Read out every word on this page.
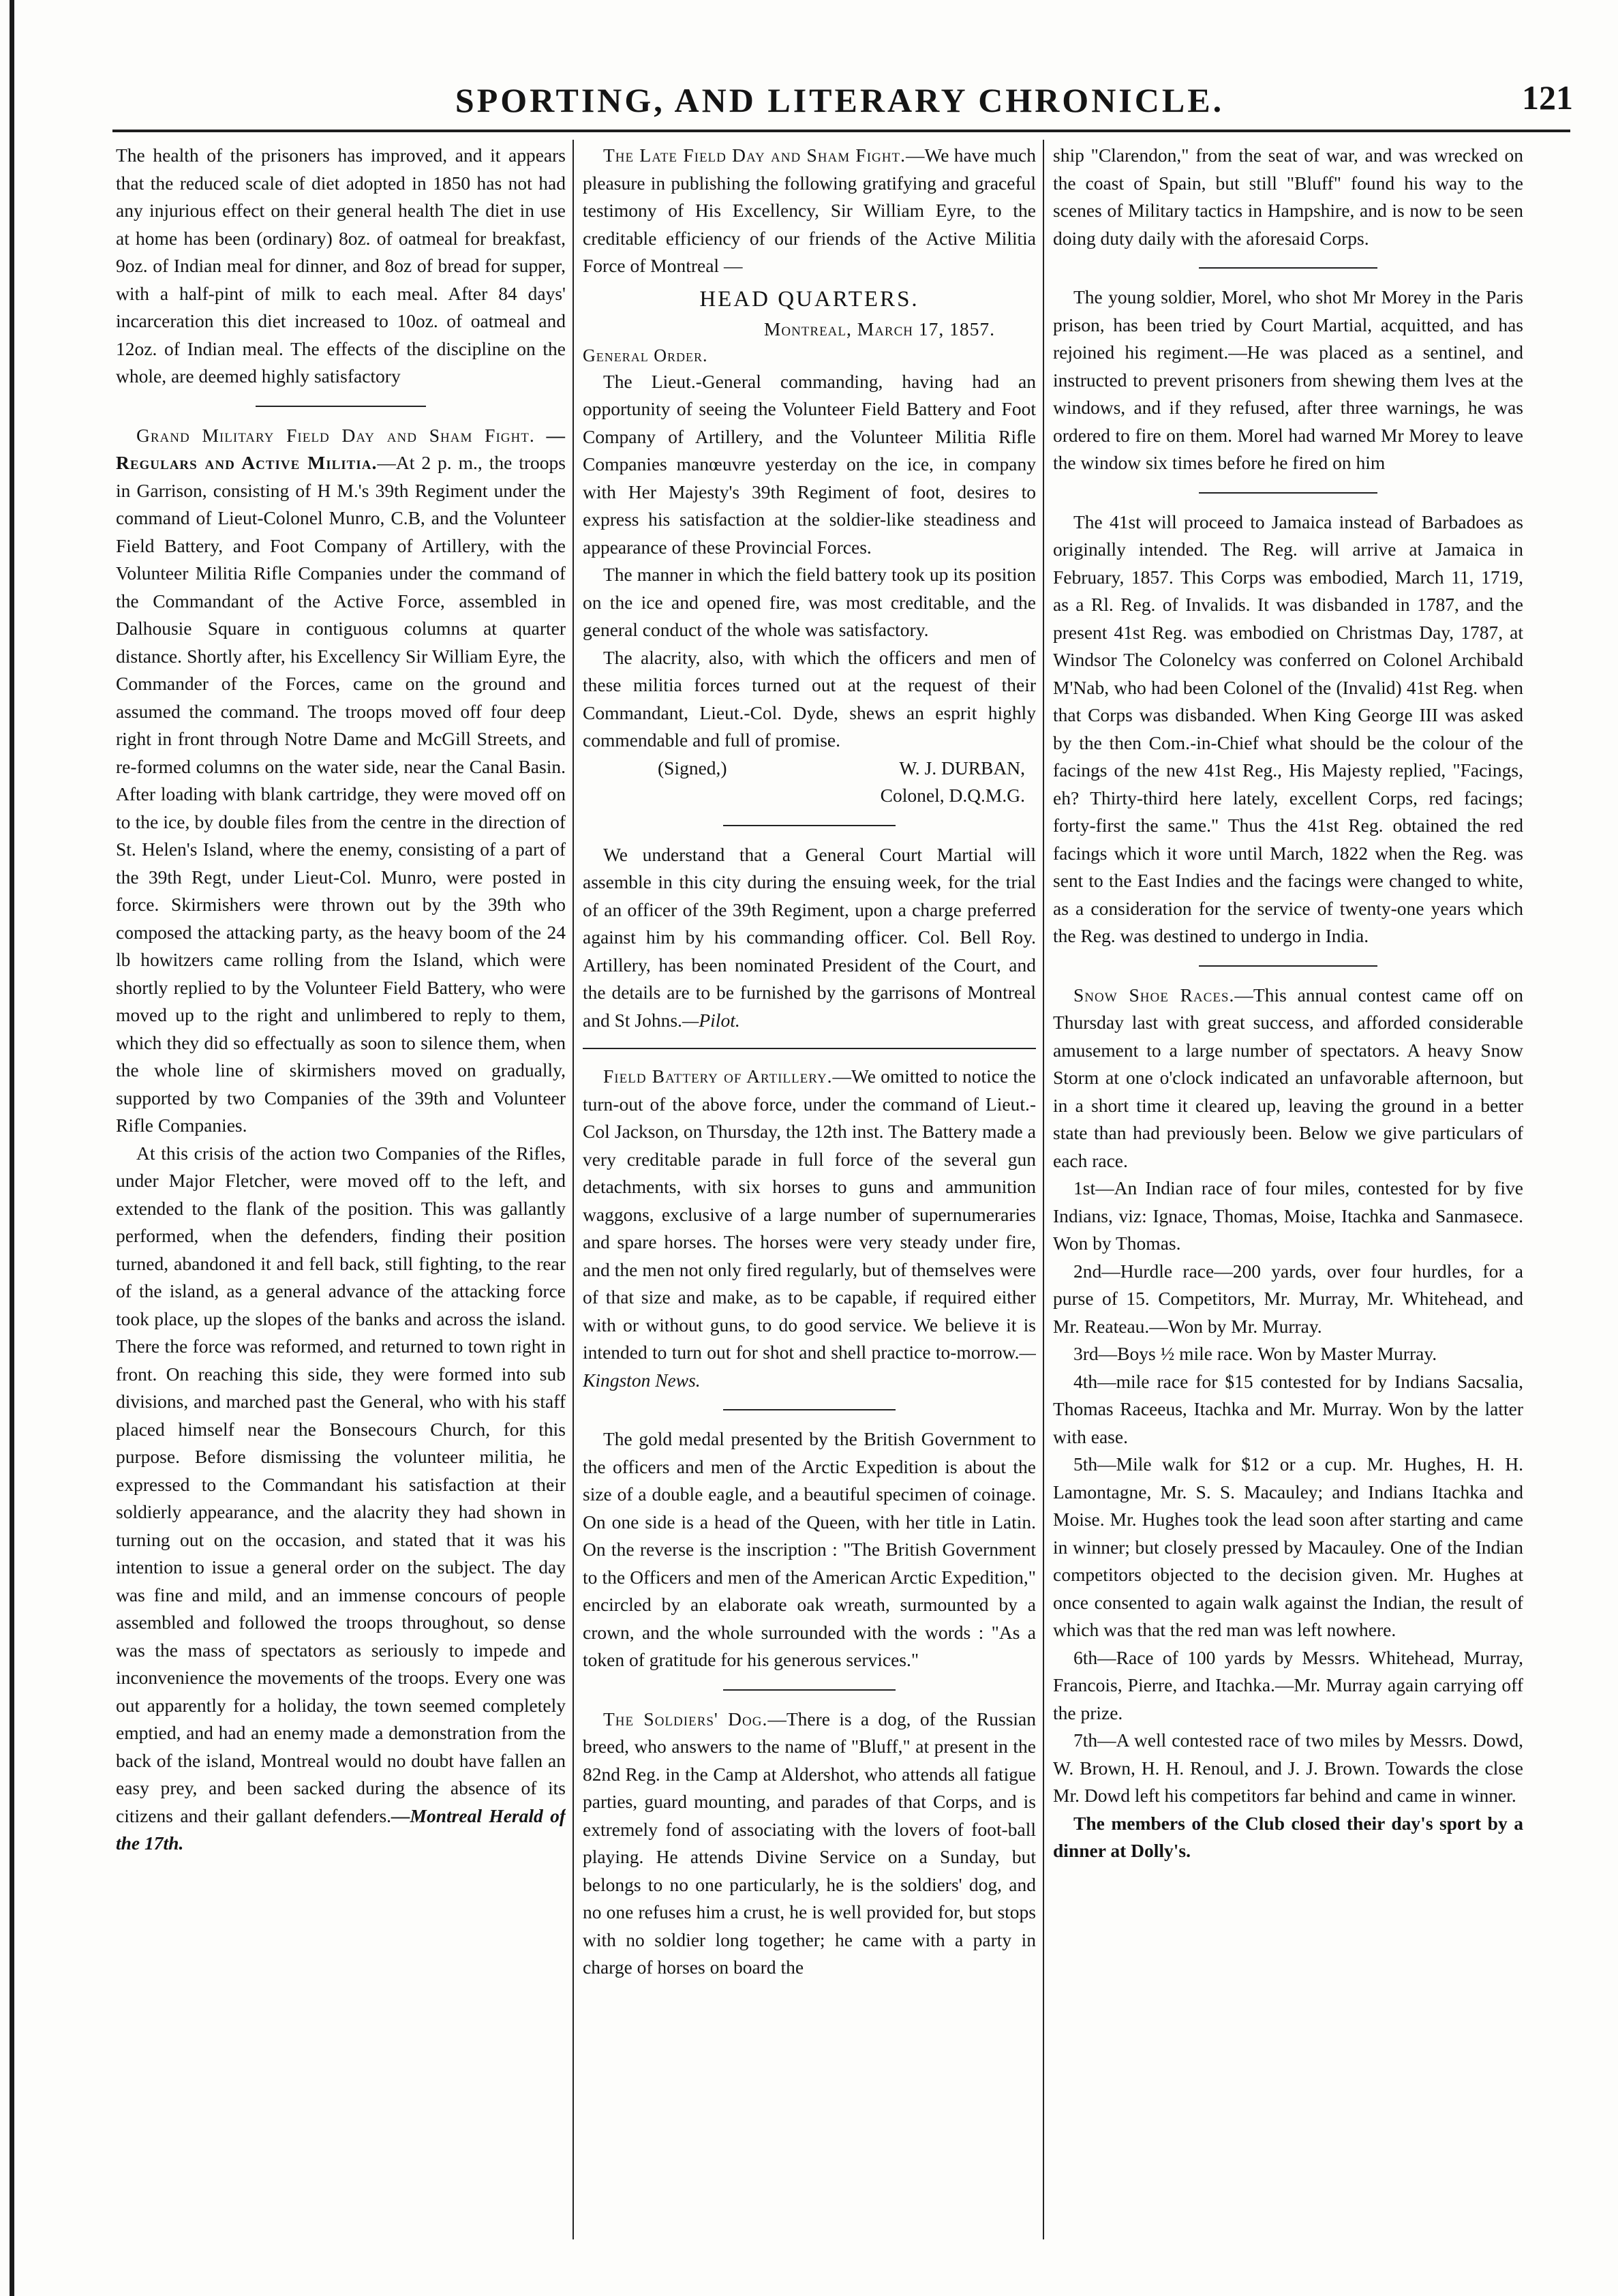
SPORTING, AND LITERARY CHRONICLE.	121

The health of the prisoners has improved, and it appears that the reduced scale of diet adopted in 1850 has not had any injurious effect on their general health The diet in use at home has been (ordinary) 8oz. of oatmeal for breakfast, 9oz. of Indian meal for dinner, and 8oz of bread for supper, with a half-pint of milk to each meal. After 84 days' incarceration this diet increased to 10oz. of oatmeal and 12oz. of Indian meal. The effects of the discipline on the whole, are deemed highly satisfactory

Grand Military Field Day and Sham Fight. —Regulars and Active Militia.—At 2 p. m., the troops in Garrison, consisting of H M.'s 39th Regiment under the command of Lieut-Colonel Munro, C.B, and the Volunteer Field Battery, and Foot Company of Artillery, with the Volunteer Militia Rifle Companies under the command of the Commandant of the Active Force, assembled in Dalhousie Square in contiguous columns at quarter distance. Shortly after, his Excellency Sir William Eyre, the Commander of the Forces, came on the ground and assumed the command. The troops moved off four deep right in front through Notre Dame and McGill Streets, and re-formed columns on the water side, near the Canal Basin. After loading with blank cartridge, they were moved off on to the ice, by double files from the centre in the direction of St. Helen's Island, where the enemy, consisting of a part of the 39th Regt, under Lieut-Col. Munro, were posted in force. Skirmishers were thrown out by the 39th who composed the attacking party, as the heavy boom of the 24 lb howitzers came rolling from the Island, which were shortly replied to by the Volunteer Field Battery, who were moved up to the right and unlimbered to reply to them, which they did so effectually as soon to silence them, when the whole line of skirmishers moved on gradually, supported by two Companies of the 39th and Volunteer Rifle Companies.

At this crisis of the action two Companies of the Rifles, under Major Fletcher, were moved off to the left, and extended to the flank of the position. This was gallantly performed, when the defenders, finding their position turned, abandoned it and fell back, still fighting, to the rear of the island, as a general advance of the attacking force took place, up the slopes of the banks and across the island. There the force was reformed, and returned to town right in front. On reaching this side, they were formed into sub divisions, and marched past the General, who with his staff placed himself near the Bonsecours Church, for this purpose. Before dismissing the volunteer militia, he expressed to the Commandant his satisfaction at their soldierly appearance, and the alacrity they had shown in turning out on the occasion, and stated that it was his intention to issue a general order on the subject. The day was fine and mild, and an immense concours of people assembled and followed the troops throughout, so dense was the mass of spectators as seriously to impede and inconvenience the movements of the troops. Every one was out apparently for a holiday, the town seemed completely emptied, and had an enemy made a demonstration from the back of the island, Montreal would no doubt have fallen an easy prey, and been sacked during the absence of its citizens and their gallant defenders.—Montreal Herald of the 17th.

The Late Field Day and Sham Fight.—We have much pleasure in publishing the following gratifying and graceful testimony of His Excellency, Sir William Eyre, to the creditable efficiency of our friends of the Active Militia Force of Montreal —

HEAD QUARTERS.

Montreal, March 17, 1857.

General Order.

The Lieut.-General commanding, having had an opportunity of seeing the Volunteer Field Battery and Foot Company of Artillery, and the Volunteer Militia Rifle Companies manœuvre yesterday on the ice, in company with Her Majesty's 39th Regiment of foot, desires to express his satisfaction at the soldier-like steadiness and appearance of these Provincial Forces.

The manner in which the field battery took up its position on the ice and opened fire, was most creditable, and the general conduct of the whole was satisfactory.

The alacrity, also, with which the officers and men of these militia forces turned out at the request of their Commandant, Lieut.-Col. Dyde, shews an esprit highly commendable and full of promise.

(Signed,)	W. J. DURBAN,

Colonel, D.Q.M.G.

We understand that a General Court Martial will assemble in this city during the ensuing week, for the trial of an officer of the 39th Regiment, upon a charge preferred against him by his commanding officer. Col. Bell Roy. Artillery, has been nominated President of the Court, and the details are to be furnished by the garrisons of Montreal and St Johns.—Pilot.

Field Battery of Artillery.—We omitted to notice the turn-out of the above force, under the command of Lieut.-Col Jackson, on Thursday, the 12th inst. The Battery made a very creditable parade in full force of the several gun detachments, with six horses to guns and ammunition waggons, exclusive of a large number of supernumeraries and spare horses. The horses were very steady under fire, and the men not only fired regularly, but of themselves were of that size and make, as to be capable, if required either with or without guns, to do good service. We believe it is intended to turn out for shot and shell practice to-morrow.—Kingston News.

The gold medal presented by the British Government to the officers and men of the Arctic Expedition is about the size of a double eagle, and a beautiful specimen of coinage. On one side is a head of the Queen, with her title in Latin. On the reverse is the inscription : "The British Government to the Officers and men of the American Arctic Expedition," encircled by an elaborate oak wreath, surmounted by a crown, and the whole surrounded with the words : "As a token of gratitude for his generous services."

The Soldiers' Dog.—There is a dog, of the Russian breed, who answers to the name of "Bluff," at present in the 82nd Reg. in the Camp at Aldershot, who attends all fatigue parties, guard mounting, and parades of that Corps, and is extremely fond of associating with the lovers of foot-ball playing. He attends Divine Service on a Sunday, but belongs to no one particularly, he is the soldiers' dog, and no one refuses him a crust, he is well provided for, but stops with no soldier long together; he came with a party in charge of horses on board the

ship "Clarendon," from the seat of war, and was wrecked on the coast of Spain, but still "Bluff" found his way to the scenes of Military tactics in Hampshire, and is now to be seen doing duty daily with the aforesaid Corps.

The young soldier, Morel, who shot Mr Morey in the Paris prison, has been tried by Court Martial, acquitted, and has rejoined his regiment.—He was placed as a sentinel, and instructed to prevent prisoners from shewing them lves at the windows, and if they refused, after three warnings, he was ordered to fire on them. Morel had warned Mr Morey to leave the window six times before he fired on him

The 41st will proceed to Jamaica instead of Barbadoes as originally intended. The Reg. will arrive at Jamaica in February, 1857. This Corps was embodied, March 11, 1719, as a Rl. Reg. of Invalids. It was disbanded in 1787, and the present 41st Reg. was embodied on Christmas Day, 1787, at Windsor The Colonelcy was conferred on Colonel Archibald M'Nab, who had been Colonel of the (Invalid) 41st Reg. when that Corps was disbanded. When King George III was asked by the then Com.-in-Chief what should be the colour of the facings of the new 41st Reg., His Majesty replied, "Facings, eh? Thirty-third here lately, excellent Corps, red facings; forty-first the same." Thus the 41st Reg. obtained the red facings which it wore until March, 1822 when the Reg. was sent to the East Indies and the facings were changed to white, as a consideration for the service of twenty-one years which the Reg. was destined to undergo in India.

Snow Shoe Races.—This annual contest came off on Thursday last with great success, and afforded considerable amusement to a large number of spectators. A heavy Snow Storm at one o'clock indicated an unfavorable afternoon, but in a short time it cleared up, leaving the ground in a better state than had previously been. Below we give particulars of each race.

1st—An Indian race of four miles, contested for by five Indians, viz: Ignace, Thomas, Moise, Itachka and Sanmasece. Won by Thomas.

2nd—Hurdle race—200 yards, over four hurdles, for a purse of 15. Competitors, Mr. Murray, Mr. Whitehead, and Mr. Reateau.—Won by Mr. Murray.

3rd—Boys ½ mile race. Won by Master Murray.

4th—mile race for $15 contested for by Indians Sacsalia, Thomas Raceeus, Itachka and Mr. Murray. Won by the latter with ease.

5th—Mile walk for $12 or a cup. Mr. Hughes, H. H. Lamontagne, Mr. S. S. Macauley; and Indians Itachka and Moise. Mr. Hughes took the lead soon after starting and came in winner; but closely pressed by Macauley. One of the Indian competitors objected to the decision given. Mr. Hughes at once consented to again walk against the Indian, the result of which was that the red man was left nowhere.

6th—Race of 100 yards by Messrs. Whitehead, Murray, Francois, Pierre, and Itachka.—Mr. Murray again carrying off the prize.

7th—A well contested race of two miles by Messrs. Dowd, W. Brown, H. H. Renoul, and J. J. Brown. Towards the close Mr. Dowd left his competitors far behind and came in winner.

The members of the Club closed their day's sport by a dinner at Dolly's.
